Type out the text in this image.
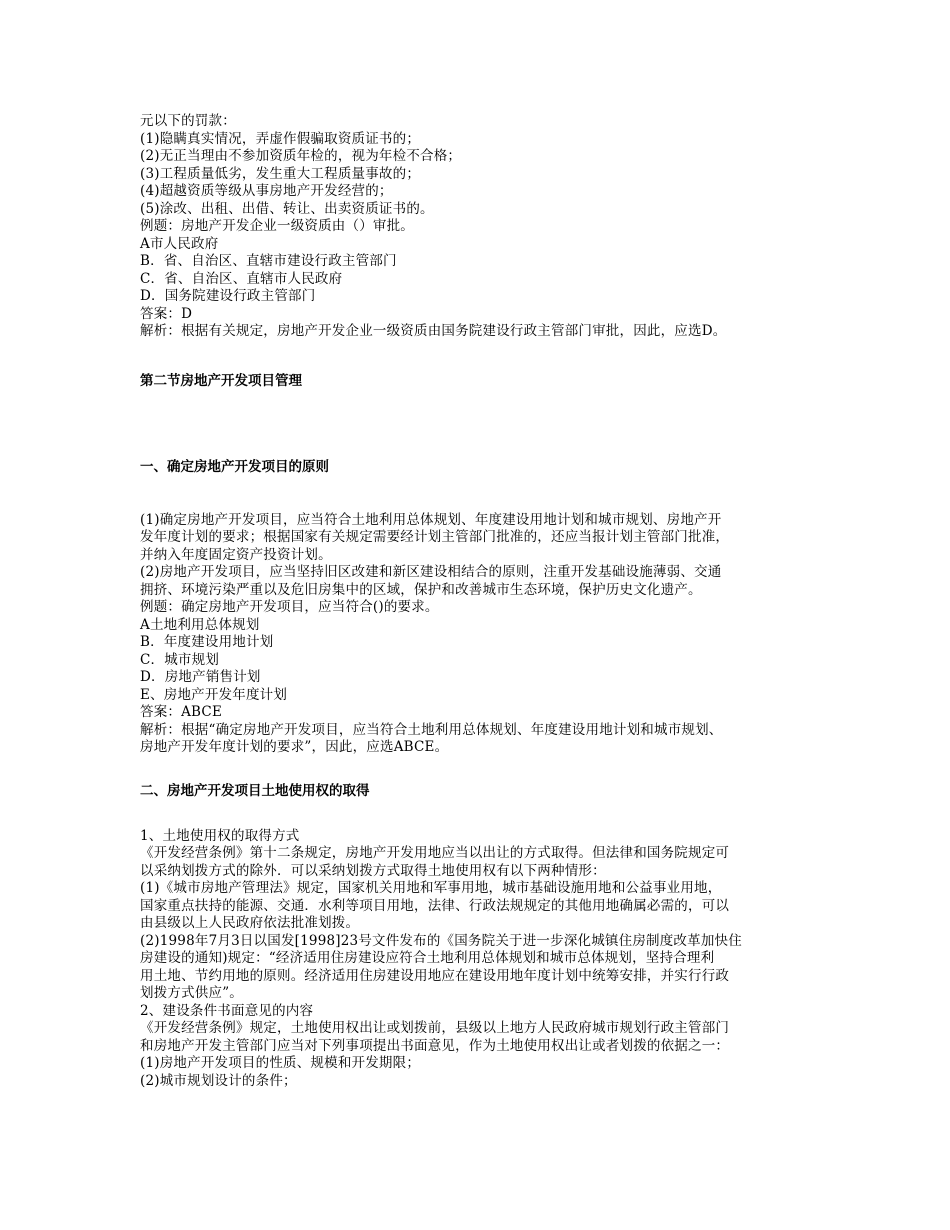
元以下的罚款：
(1)隐瞒真实情况，弄虚作假骗取资质证书的；
(2)无正当理由不参加资质年检的，视为年检不合格；
(3)工程质量低劣，发生重大工程质量事故的；
(4)超越资质等级从事房地产开发经营的；
(5)涂改、出租、出借、转让、出卖资质证书的。
例题：房地产开发企业一级资质由（）审批。
A市人民政府
B．省、自治区、直辖市建设行政主管部门
C．省、自治区、直辖市人民政府
D．国务院建设行政主管部门
答案：D
解析：根据有关规定，房地产开发企业一级资质由国务院建设行政主管部门审批，因此，应选D。
第二节房地产开发项目管理
一、确定房地产开发项目的原则
(1)确定房地产开发项目，应当符合土地利用总体规划、年度建设用地计划和城市规划、房地产开
发年度计划的要求；根据国家有关规定需要经计划主管部门批准的，还应当报计划主管部门批准，
并纳入年度固定资产投资计划。
(2)房地产开发项目，应当坚持旧区改建和新区建设相结合的原则，注重开发基础设施薄弱、交通
拥挤、环境污染严重以及危旧房集中的区域，保护和改善城市生态环境，保护历史文化遗产。
例题：确定房地产开发项目，应当符合()的要求。
A土地利用总体规划
B．年度建设用地计划
C．城市规划
D．房地产销售计划
E、房地产开发年度计划
答案：ABCE
解析：根据“确定房地产开发项目，应当符合土地利用总体规划、年度建设用地计划和城市规划、
房地产开发年度计划的要求”，因此，应选ABCE。
二、房地产开发项目土地使用权的取得
1、土地使用权的取得方式
《开发经营条例》第十二条规定，房地产开发用地应当以出让的方式取得。但法律和国务院规定可
以采纳划拨方式的除外．可以采纳划拨方式取得土地使用权有以下两种情形：
(1)《城市房地产管理法》规定，国家机关用地和军事用地，城市基础设施用地和公益事业用地，
国家重点扶持的能源、交通．水利等项目用地，法律、行政法规规定的其他用地确属必需的，可以
由县级以上人民政府依法批准划拨。
(2)1998年7月3日以国发[1998]23号文件发布的《国务院关于进一步深化城镇住房制度改革加快住
房建设的通知)规定：“经济适用住房建设应符合土地利用总体规划和城市总体规划，坚持合理利
用土地、节约用地的原则。经济适用住房建设用地应在建设用地年度计划中统筹安排，并实行行政
划拨方式供应”。
2、建设条件书面意见的内容
《开发经营条例》规定，土地使用权出让或划拨前，县级以上地方人民政府城市规划行政主管部门
和房地产开发主管部门应当对下列事项提出书面意见，作为土地使用权出让或者划拨的依据之一：
(1)房地产开发项目的性质、规模和开发期限；
(2)城市规划设计的条件；
